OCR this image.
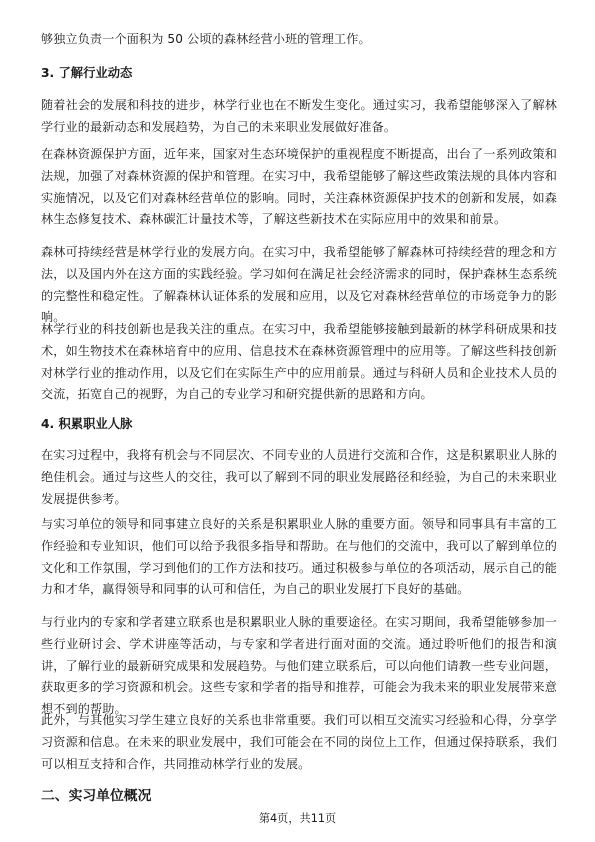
够独立负责一个面积为 50 公顷的森林经营小班的管理工作。

3. 了解行业动态

随着社会的发展和科技的进步，林学行业也在不断发生变化。通过实习，我希望能够深入了解林学行业的最新动态和发展趋势，为自己的未来职业发展做好准备。

在森林资源保护方面，近年来，国家对生态环境保护的重视程度不断提高，出台了一系列政策和法规，加强了对森林资源的保护和管理。在实习中，我希望能够了解这些政策法规的具体内容和实施情况，以及它们对森林经营单位的影响。同时，关注森林资源保护技术的创新和发展，如森林生态修复技术、森林碳汇计量技术等，了解这些新技术在实际应用中的效果和前景。

森林可持续经营是林学行业的发展方向。在实习中，我希望能够了解森林可持续经营的理念和方法，以及国内外在这方面的实践经验。学习如何在满足社会经济需求的同时，保护森林生态系统的完整性和稳定性。了解森林认证体系的发展和应用，以及它对森林经营单位的市场竞争力的影响。

林学行业的科技创新也是我关注的重点。在实习中，我希望能够接触到最新的林学科研成果和技术，如生物技术在森林培育中的应用、信息技术在森林资源管理中的应用等。了解这些科技创新对林学行业的推动作用，以及它们在实际生产中的应用前景。通过与科研人员和企业技术人员的交流，拓宽自己的视野，为自己的专业学习和研究提供新的思路和方向。

4. 积累职业人脉

在实习过程中，我将有机会与不同层次、不同专业的人员进行交流和合作，这是积累职业人脉的绝佳机会。通过与这些人的交往，我可以了解到不同的职业发展路径和经验，为自己的未来职业发展提供参考。

与实习单位的领导和同事建立良好的关系是积累职业人脉的重要方面。领导和同事具有丰富的工作经验和专业知识，他们可以给予我很多指导和帮助。在与他们的交流中，我可以了解到单位的文化和工作氛围，学习到他们的工作方法和技巧。通过积极参与单位的各项活动，展示自己的能力和才华，赢得领导和同事的认可和信任，为自己的职业发展打下良好的基础。

与行业内的专家和学者建立联系也是积累职业人脉的重要途径。在实习期间，我希望能够参加一些行业研讨会、学术讲座等活动，与专家和学者进行面对面的交流。通过聆听他们的报告和演讲，了解行业的最新研究成果和发展趋势。与他们建立联系后，可以向他们请教一些专业问题，获取更多的学习资源和机会。这些专家和学者的指导和推荐，可能会为我未来的职业发展带来意想不到的帮助。

此外，与其他实习学生建立良好的关系也非常重要。我们可以相互交流实习经验和心得，分享学习资源和信息。在未来的职业发展中，我们可能会在不同的岗位上工作，但通过保持联系，我们可以相互支持和合作，共同推动林学行业的发展。

二、实习单位概况
第4页，共11页
